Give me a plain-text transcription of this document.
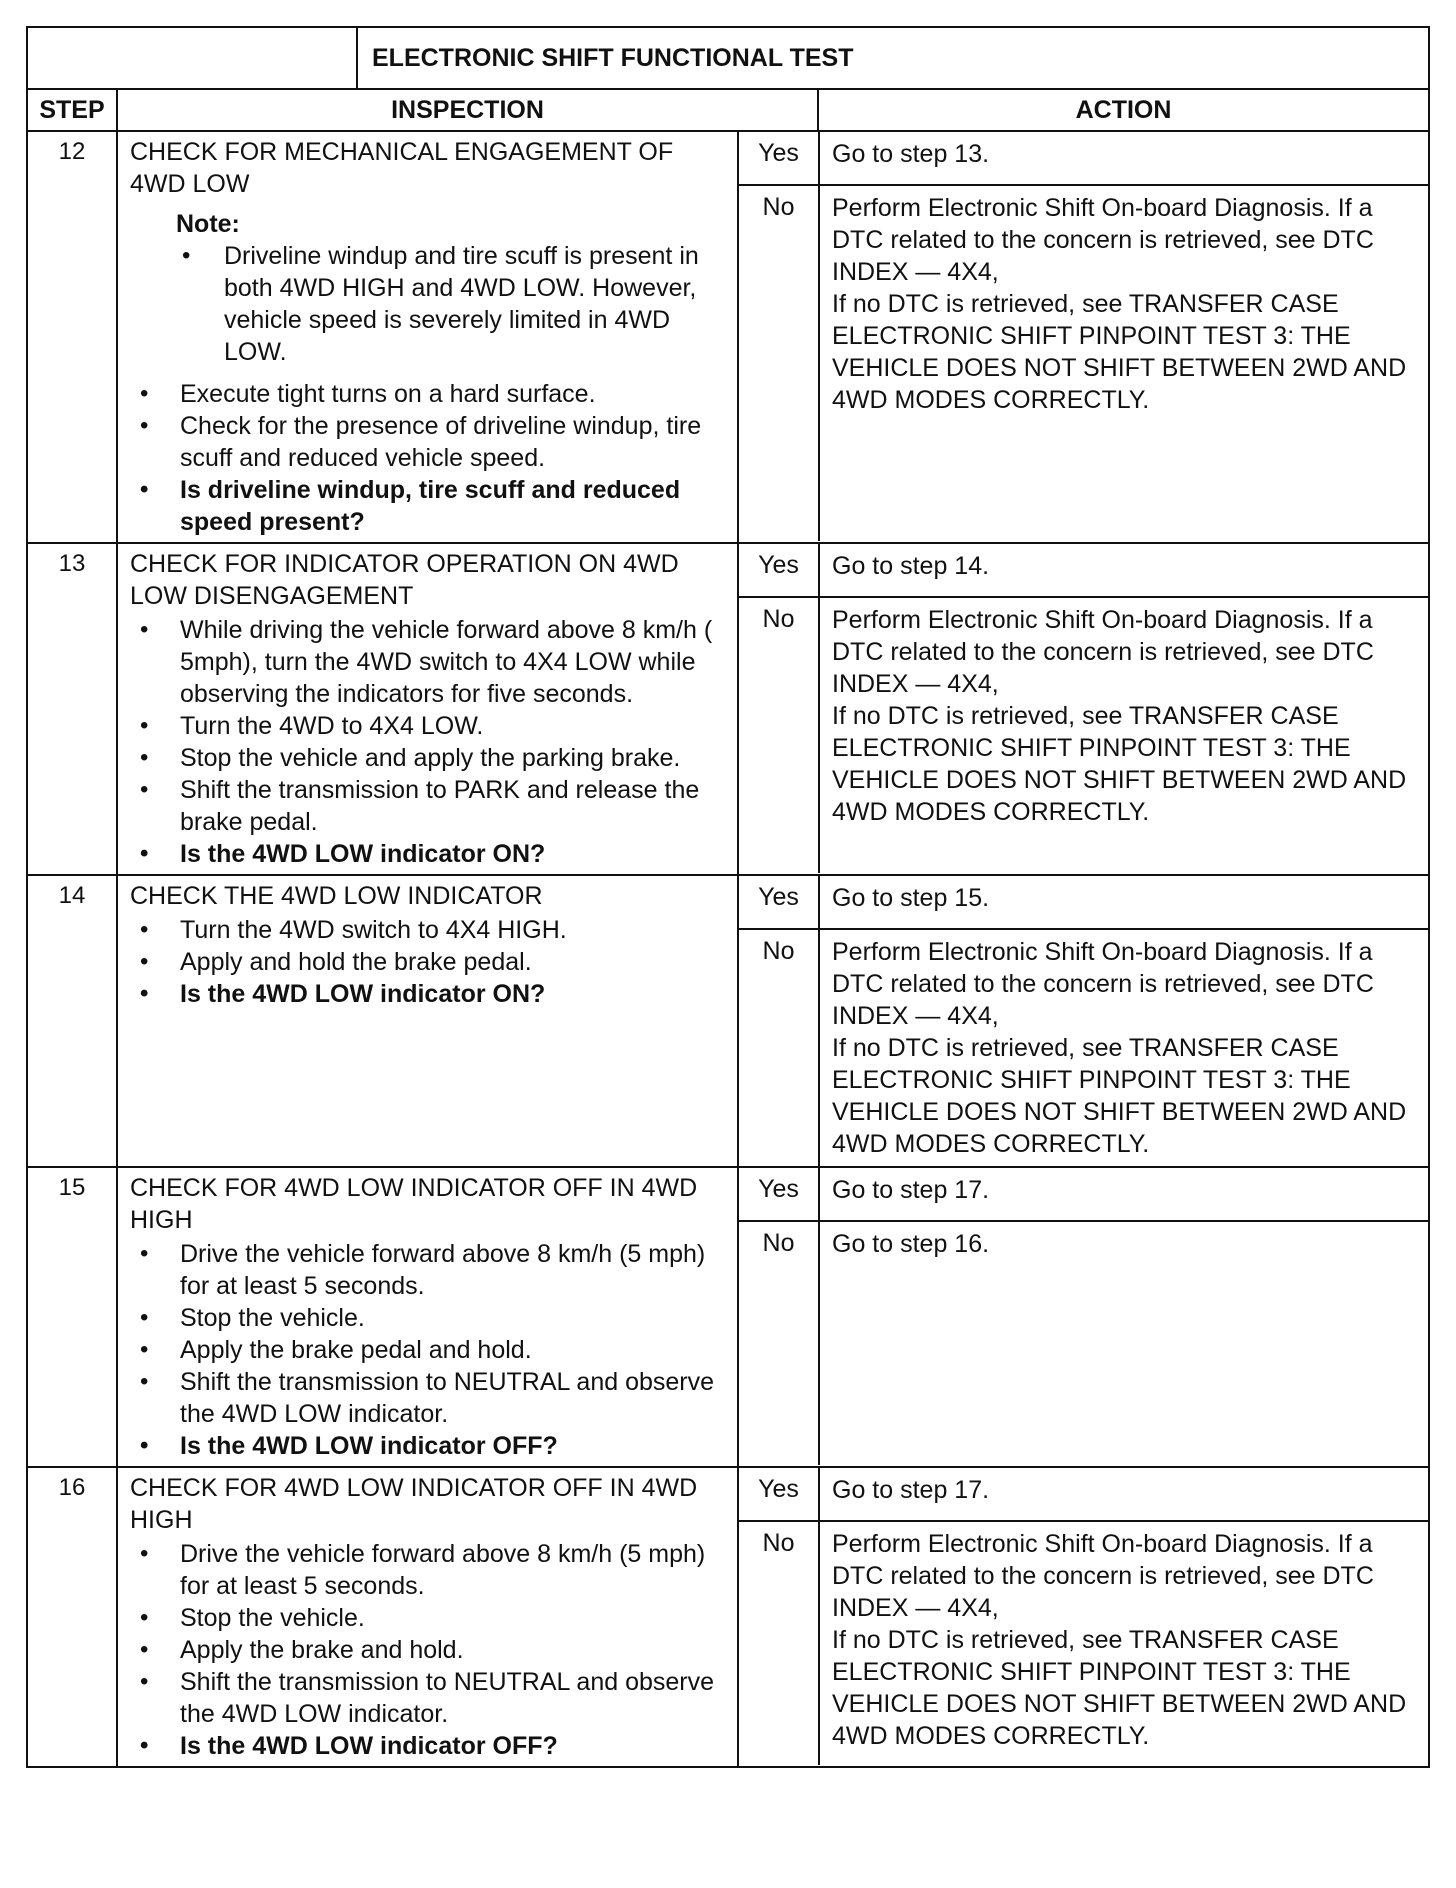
	ELECTRONIC SHIFT FUNCTIONAL TEST
STEP	INSPECTION	ACTION
12	CHECK FOR MECHANICAL ENGAGEMENT OF 4WD LOW
Note:
• Driveline windup and tire scuff is present in both 4WD HIGH and 4WD LOW. However, vehicle speed is severely limited in 4WD LOW.
• Execute tight turns on a hard surface.
• Check for the presence of driveline windup, tire scuff and reduced vehicle speed.
• Is driveline windup, tire scuff and reduced speed present?

Yes	Go to step 13.
No	Perform Electronic Shift On-board Diagnosis. If a DTC related to the concern is retrieved, see DTC INDEX — 4X4,
If no DTC is retrieved, see TRANSFER CASE ELECTRONIC SHIFT PINPOINT TEST 3: THE VEHICLE DOES NOT SHIFT BETWEEN 2WD AND 4WD MODES CORRECTLY.

13	CHECK FOR INDICATOR OPERATION ON 4WD LOW DISENGAGEMENT
• While driving the vehicle forward above 8 km/h ( 5mph), turn the 4WD switch to 4X4 LOW while observing the indicators for five seconds.
• Turn the 4WD to 4X4 LOW.
• Stop the vehicle and apply the parking brake.
• Shift the transmission to PARK and release the brake pedal.
• Is the 4WD LOW indicator ON?

Yes	Go to step 14.
No	Perform Electronic Shift On-board Diagnosis. If a DTC related to the concern is retrieved, see DTC INDEX — 4X4,
If no DTC is retrieved, see TRANSFER CASE ELECTRONIC SHIFT PINPOINT TEST 3: THE VEHICLE DOES NOT SHIFT BETWEEN 2WD AND 4WD MODES CORRECTLY.

14	CHECK THE 4WD LOW INDICATOR
• Turn the 4WD switch to 4X4 HIGH.
• Apply and hold the brake pedal.
• Is the 4WD LOW indicator ON?

Yes	Go to step 15.
No	Perform Electronic Shift On-board Diagnosis. If a DTC related to the concern is retrieved, see DTC INDEX — 4X4,
If no DTC is retrieved, see TRANSFER CASE ELECTRONIC SHIFT PINPOINT TEST 3: THE VEHICLE DOES NOT SHIFT BETWEEN 2WD AND 4WD MODES CORRECTLY.

15	CHECK FOR 4WD LOW INDICATOR OFF IN 4WD HIGH
• Drive the vehicle forward above 8 km/h (5 mph) for at least 5 seconds.
• Stop the vehicle.
• Apply the brake pedal and hold.
• Shift the transmission to NEUTRAL and observe the 4WD LOW indicator.
• Is the 4WD LOW indicator OFF?

Yes	Go to step 17.
No	Go to step 16.

16	CHECK FOR 4WD LOW INDICATOR OFF IN 4WD HIGH
• Drive the vehicle forward above 8 km/h (5 mph) for at least 5 seconds.
• Stop the vehicle.
• Apply the brake and hold.
• Shift the transmission to NEUTRAL and observe the 4WD LOW indicator.
• Is the 4WD LOW indicator OFF?

Yes	Go to step 17.
No	Perform Electronic Shift On-board Diagnosis. If a DTC related to the concern is retrieved, see DTC INDEX — 4X4,
If no DTC is retrieved, see TRANSFER CASE ELECTRONIC SHIFT PINPOINT TEST 3: THE VEHICLE DOES NOT SHIFT BETWEEN 2WD AND 4WD MODES CORRECTLY.
